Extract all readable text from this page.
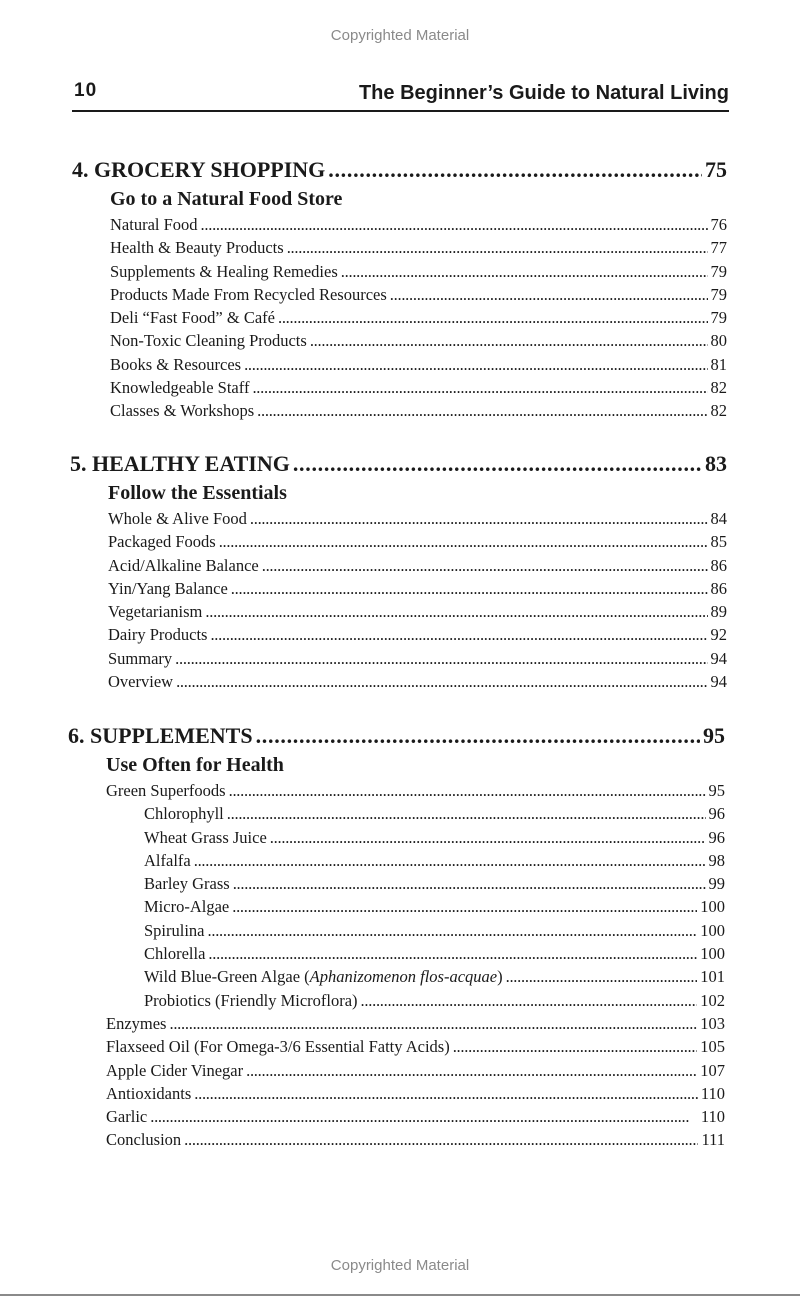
Copyrighted Material
10	The Beginner’s Guide to Natural Living
4. GROCERY SHOPPING . . .	75
Go to a Natural Food Store
Natural Food . . .	76
Health & Beauty Products . . .	77
Supplements & Healing Remedies . . .	79
Products Made From Recycled Resources . . .	79
Deli “Fast Food” & Café . . .	79
Non-Toxic Cleaning Products . . .	80
Books & Resources . . .	81
Knowledgeable Staff . . .	82
Classes & Workshops . . .	82
5. HEALTHY EATING . . .	83
Follow the Essentials
Whole & Alive Food . . .	84
Packaged Foods . . .	85
Acid/Alkaline Balance . . .	86
Yin/Yang Balance . . .	86
Vegetarianism . . .	89
Dairy Products . . .	92
Summary . . .	94
Overview . . .	94
6. SUPPLEMENTS . . .	95
Use Often for Health
Green Superfoods . . .	95
Chlorophyll . . .	96
Wheat Grass Juice . . .	96
Alfalfa . . .	98
Barley Grass . . .	99
Micro-Algae . . .	100
Spirulina . . .	100
Chlorella . . .	100
Wild Blue-Green Algae (Aphanizomenon flos-acquae) . . .	101
Probiotics (Friendly Microflora) . . .	102
Enzymes . . .	103
Flaxseed Oil (For Omega-3/6 Essential Fatty Acids) . . .	105
Apple Cider Vinegar . . .	107
Antioxidants . . .	110
Garlic . . .	110
Conclusion . . .	111
Copyrighted Material
